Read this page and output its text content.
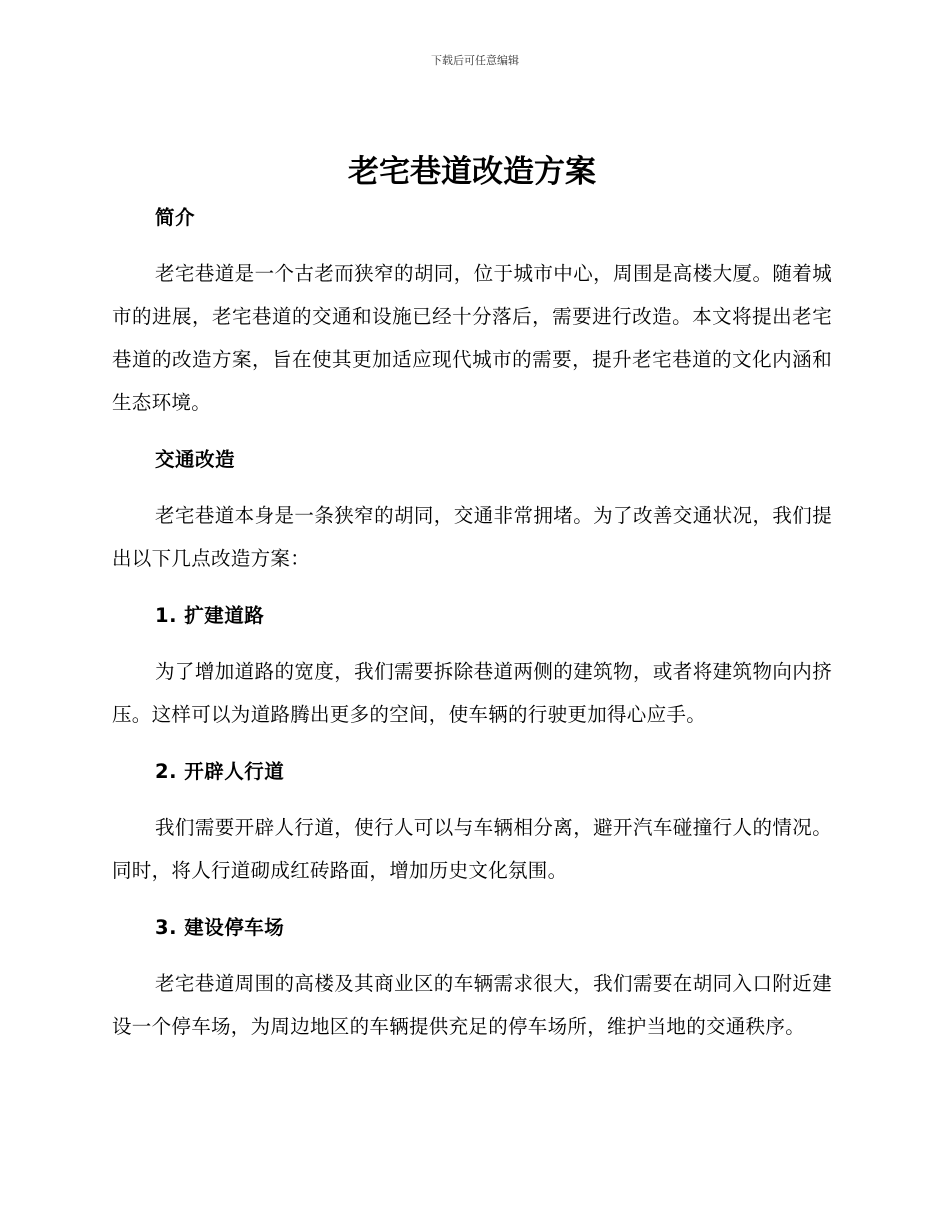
下载后可任意编辑
老宅巷道改造方案
简介

老宅巷道是一个古老而狭窄的胡同，位于城市中心，周围是高楼大厦。随着城市的进展，老宅巷道的交通和设施已经十分落后，需要进行改造。本文将提出老宅巷道的改造方案，旨在使其更加适应现代城市的需要，提升老宅巷道的文化内涵和生态环境。

交通改造

老宅巷道本身是一条狭窄的胡同，交通非常拥堵。为了改善交通状况，我们提出以下几点改造方案：

1. 扩建道路

为了增加道路的宽度，我们需要拆除巷道两侧的建筑物，或者将建筑物向内挤压。这样可以为道路腾出更多的空间，使车辆的行驶更加得心应手。

2. 开辟人行道

我们需要开辟人行道，使行人可以与车辆相分离，避开汽车碰撞行人的情况。同时，将人行道砌成红砖路面，增加历史文化氛围。

3. 建设停车场

老宅巷道周围的高楼及其商业区的车辆需求很大，我们需要在胡同入口附近建设一个停车场，为周边地区的车辆提供充足的停车场所，维护当地的交通秩序。
